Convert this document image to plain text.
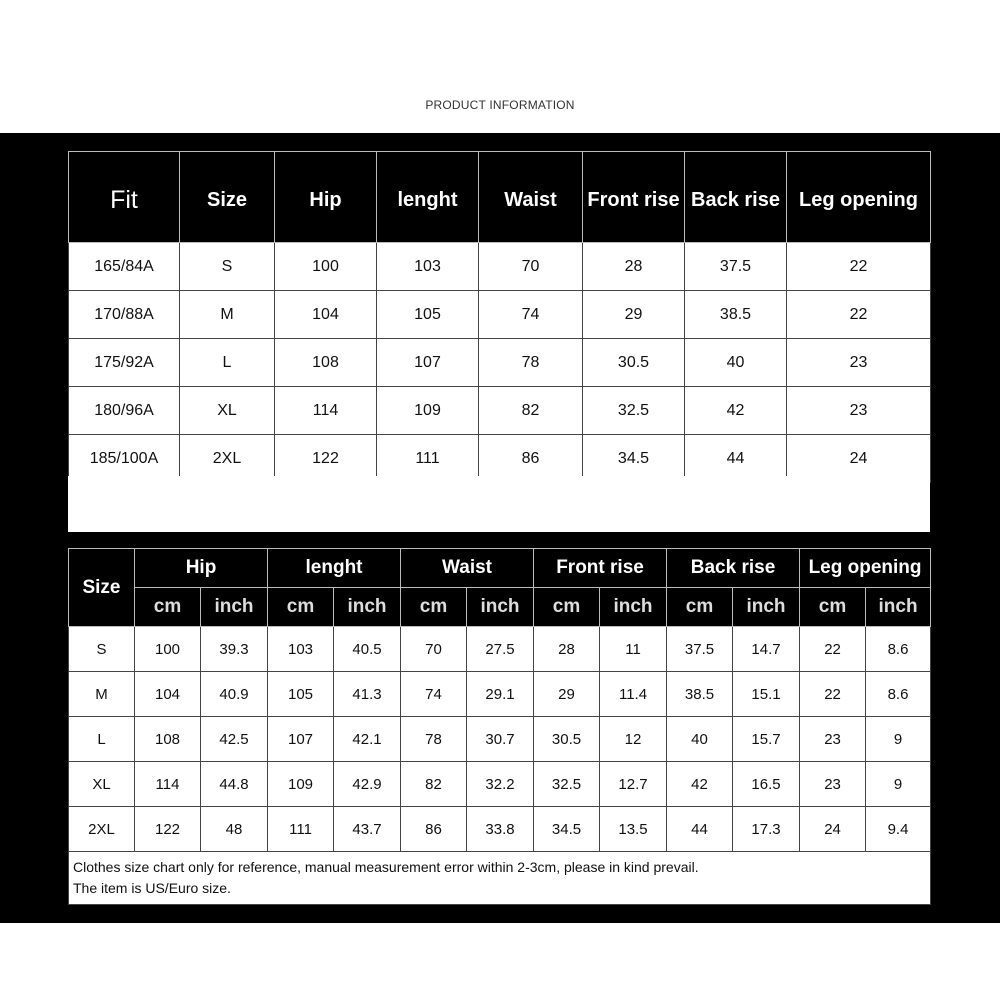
PRODUCT INFORMATION
Fit	Size	Hip	lenght	Waist	Front rise	Back rise	Leg opening
165/84A	S	100	103	70	28	37.5	22
170/88A	M	104	105	74	29	38.5	22
175/92A	L	108	107	78	30.5	40	23
180/96A	XL	114	109	82	32.5	42	23
185/100A	2XL	122	111	86	34.5	44	24
Size	Hip		lenght		Waist		Front rise		Back rise		Leg opening	
	cm	inch	cm	inch	cm	inch	cm	inch	cm	inch	cm	inch
S	100	39.3	103	40.5	70	27.5	28	11	37.5	14.7	22	8.6
M	104	40.9	105	41.3	74	29.1	29	11.4	38.5	15.1	22	8.6
L	108	42.5	107	42.1	78	30.7	30.5	12	40	15.7	23	9
XL	114	44.8	109	42.9	82	32.2	32.5	12.7	42	16.5	23	9
2XL	122	48	111	43.7	86	33.8	34.5	13.5	44	17.3	24	9.4

Clothes size chart only for reference, manual measurement error within 2-3cm, please in kind prevail.
The item is US/Euro size.												
